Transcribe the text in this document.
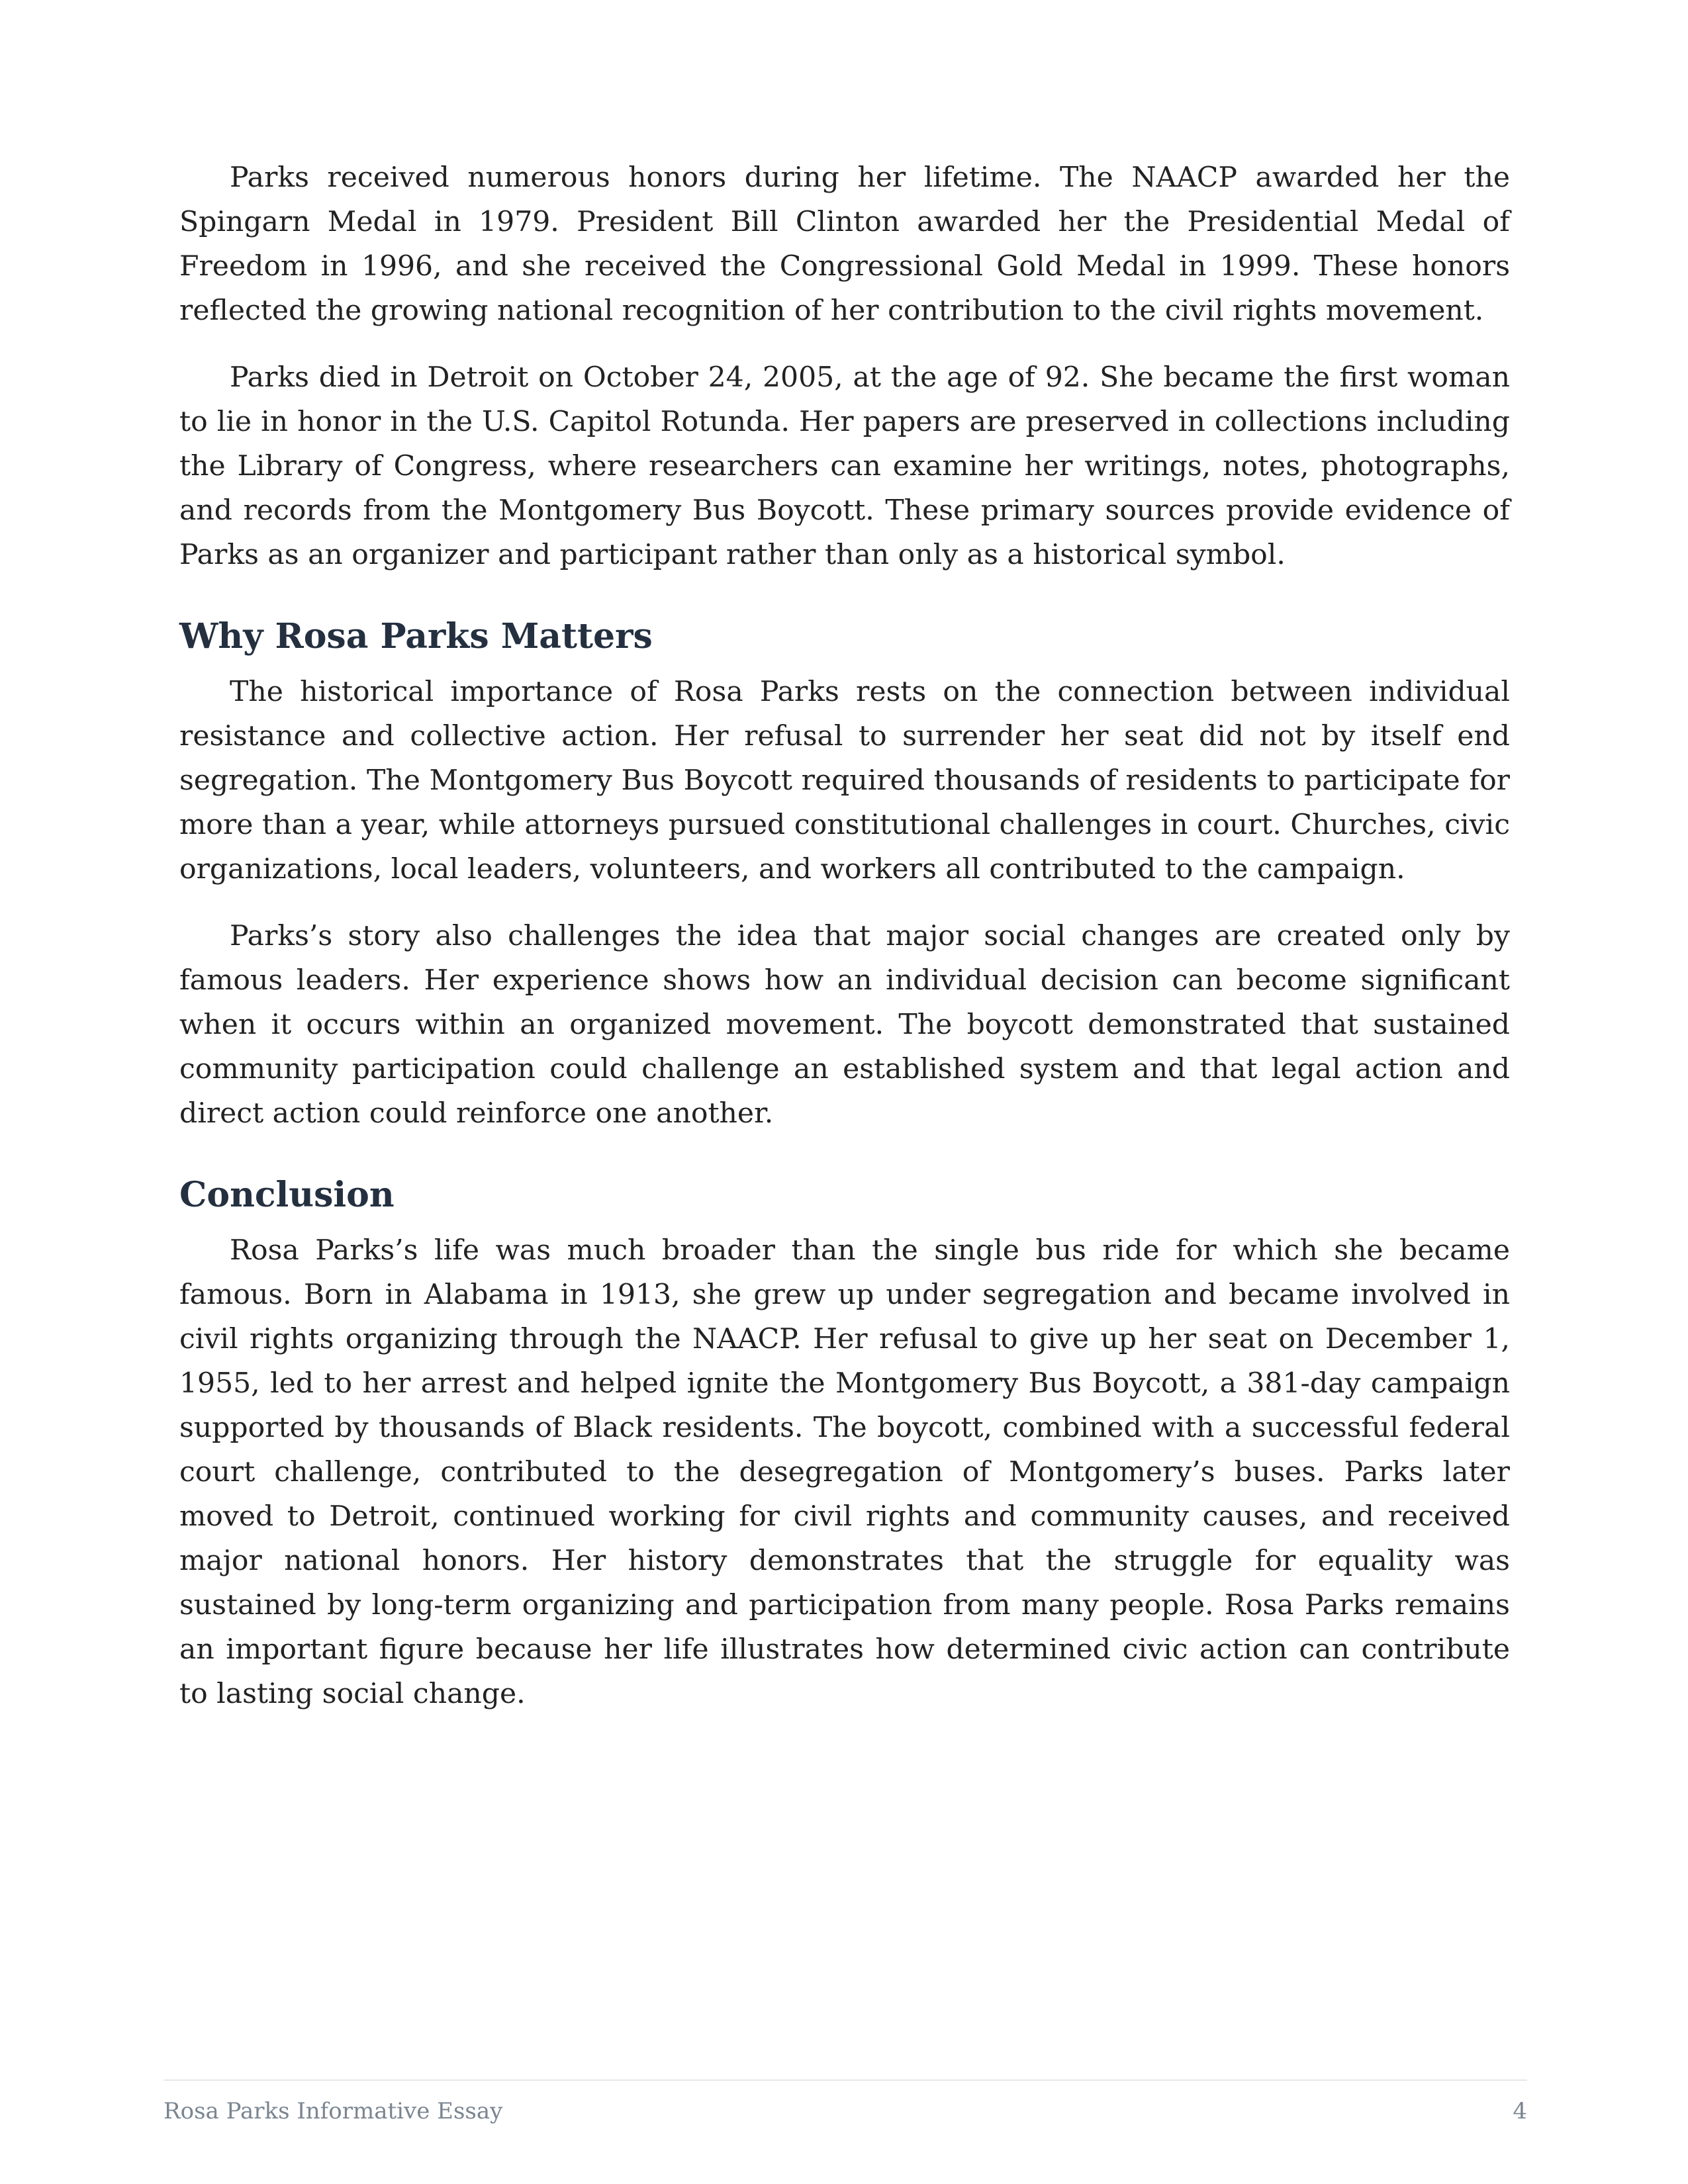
Parks received numerous honors during her lifetime. The NAACP awarded her the Spingarn Medal in 1979. President Bill Clinton awarded her the Presidential Medal of Freedom in 1996, and she received the Congressional Gold Medal in 1999. These honors reflected the growing national recognition of her contribution to the civil rights movement.

Parks died in Detroit on October 24, 2005, at the age of 92. She became the first woman to lie in honor in the U.S. Capitol Rotunda. Her papers are preserved in collections including the Library of Congress, where researchers can examine her writings, notes, photographs, and records from the Montgomery Bus Boycott. These primary sources provide evidence of Parks as an organizer and participant rather than only as a historical symbol.

Why Rosa Parks Matters

The historical importance of Rosa Parks rests on the connection between individual resistance and collective action. Her refusal to surrender her seat did not by itself end segregation. The Montgomery Bus Boycott required thousands of residents to participate for more than a year, while attorneys pursued constitutional challenges in court. Churches, civic organizations, local leaders, volunteers, and workers all contributed to the campaign.

Parks’s story also challenges the idea that major social changes are created only by famous leaders. Her experience shows how an individual decision can become significant when it occurs within an organized movement. The boycott demonstrated that sustained community participation could challenge an established system and that legal action and direct action could reinforce one another.

Conclusion

Rosa Parks’s life was much broader than the single bus ride for which she became famous. Born in Alabama in 1913, she grew up under segregation and became involved in civil rights organizing through the NAACP. Her refusal to give up her seat on December 1, 1955, led to her arrest and helped ignite the Montgomery Bus Boycott, a 381-day campaign supported by thousands of Black residents. The boycott, combined with a successful federal court challenge, contributed to the desegregation of Montgomery’s buses. Parks later moved to Detroit, continued working for civil rights and community causes, and received major national honors. Her history demonstrates that the struggle for equality was sustained by long-term organizing and participation from many people. Rosa Parks remains an important figure because her life illustrates how determined civic action can contribute to lasting social change.

Rosa Parks Informative Essay	4
